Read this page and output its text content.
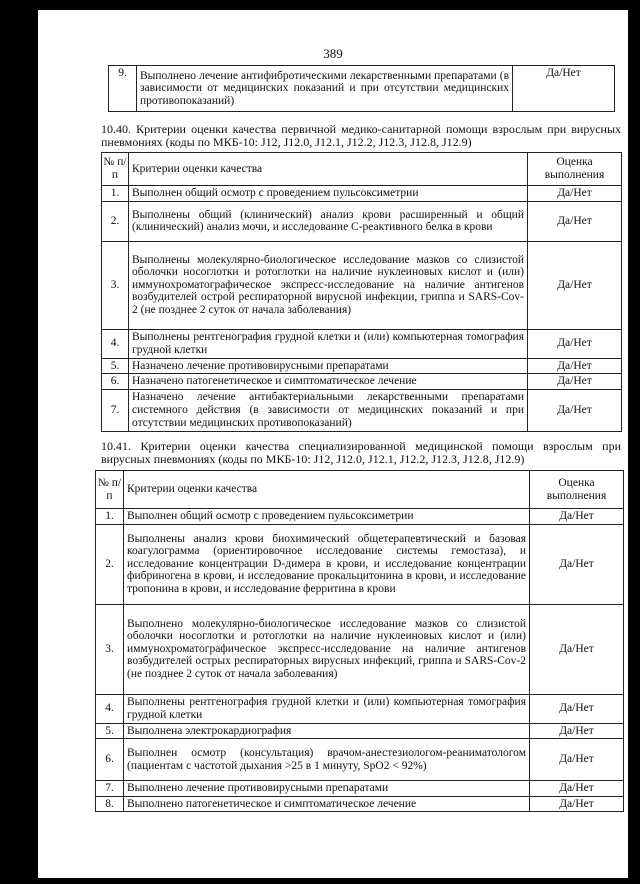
389
9.	Выполнено лечение антифибротическими лекарственными препаратами (в зависимости от медицинских показаний и при отсутствии медицинских противопоказаний)	Да/Нет
10.40. Критерии оценки качества первичной медико-санитарной помощи взрослым при вирусных пневмониях (коды по МКБ-10: J12, J12.0, J12.1, J12.2, J12.3, J12.8, J12.9)
№ п/п	Критерии оценки качества	Оценка выполнения
1.	Выполнен общий осмотр с проведением пульсоксиметрии	Да/Нет
2.	Выполнены общий (клинический) анализ крови расширенный и общий (клинический) анализ мочи, и исследование С-реактивного белка в крови	Да/Нет
3.	Выполнены молекулярно-биологическое исследование мазков со слизистой оболочки носоглотки и ротоглотки на наличие нуклеиновых кислот и (или) иммунохроматографическое экспресс-исследование на наличие антигенов возбудителей острой респираторной вирусной инфекции, гриппа и SARS-Cov-2 (не позднее 2 суток от начала заболевания)	Да/Нет
4.	Выполнены рентгенография грудной клетки и (или) компьютерная томография грудной клетки	Да/Нет
5.	Назначено лечение противовирусными препаратами	Да/Нет
6.	Назначено патогенетическое и симптоматическое лечение	Да/Нет
7.	Назначено лечение антибактериальными лекарственными препаратами системного действия (в зависимости от медицинских показаний и при отсутствии медицинских противопоказаний)	Да/Нет
10.41. Критерии оценки качества специализированной медицинской помощи взрослым при вирусных пневмониях (коды по МКБ-10: J12, J12.0, J12.1, J12.2, J12.3, J12.8, J12.9)
№ п/п	Критерии оценки качества	Оценка выполнения
1.	Выполнен общий осмотр с проведением пульсоксиметрии	Да/Нет
2.	Выполнены анализ крови биохимический общетерапевтический и базовая коагулограмма (ориентировочное исследование системы гемостаза), и исследование концентрации D-димера в крови, и исследование концентрации фибриногена в крови, и исследование прокальцитонина в крови, и исследование тропонина в крови, и исследование ферритина в крови	Да/Нет
3.	Выполнено молекулярно-биологическое исследование мазков со слизистой оболочки носоглотки и ротоглотки на наличие нуклеиновых кислот и (или) иммунохроматографическое экспресс-исследование на наличие антигенов возбудителей острых респираторных вирусных инфекций, гриппа и SARS-Cov-2 (не позднее 2 суток от начала заболевания)	Да/Нет
4.	Выполнены рентгенография грудной клетки и (или) компьютерная томография грудной клетки	Да/Нет
5.	Выполнена электрокардиография	Да/Нет
6.	Выполнен осмотр (консультация) врачом-анестезиологом-реаниматологом (пациентам с частотой дыхания >25 в 1 минуту, SpO2 < 92%)	Да/Нет
7.	Выполнено лечение противовирусными препаратами	Да/Нет
8.	Выполнено патогенетическое и симптоматическое лечение	Да/Нет
